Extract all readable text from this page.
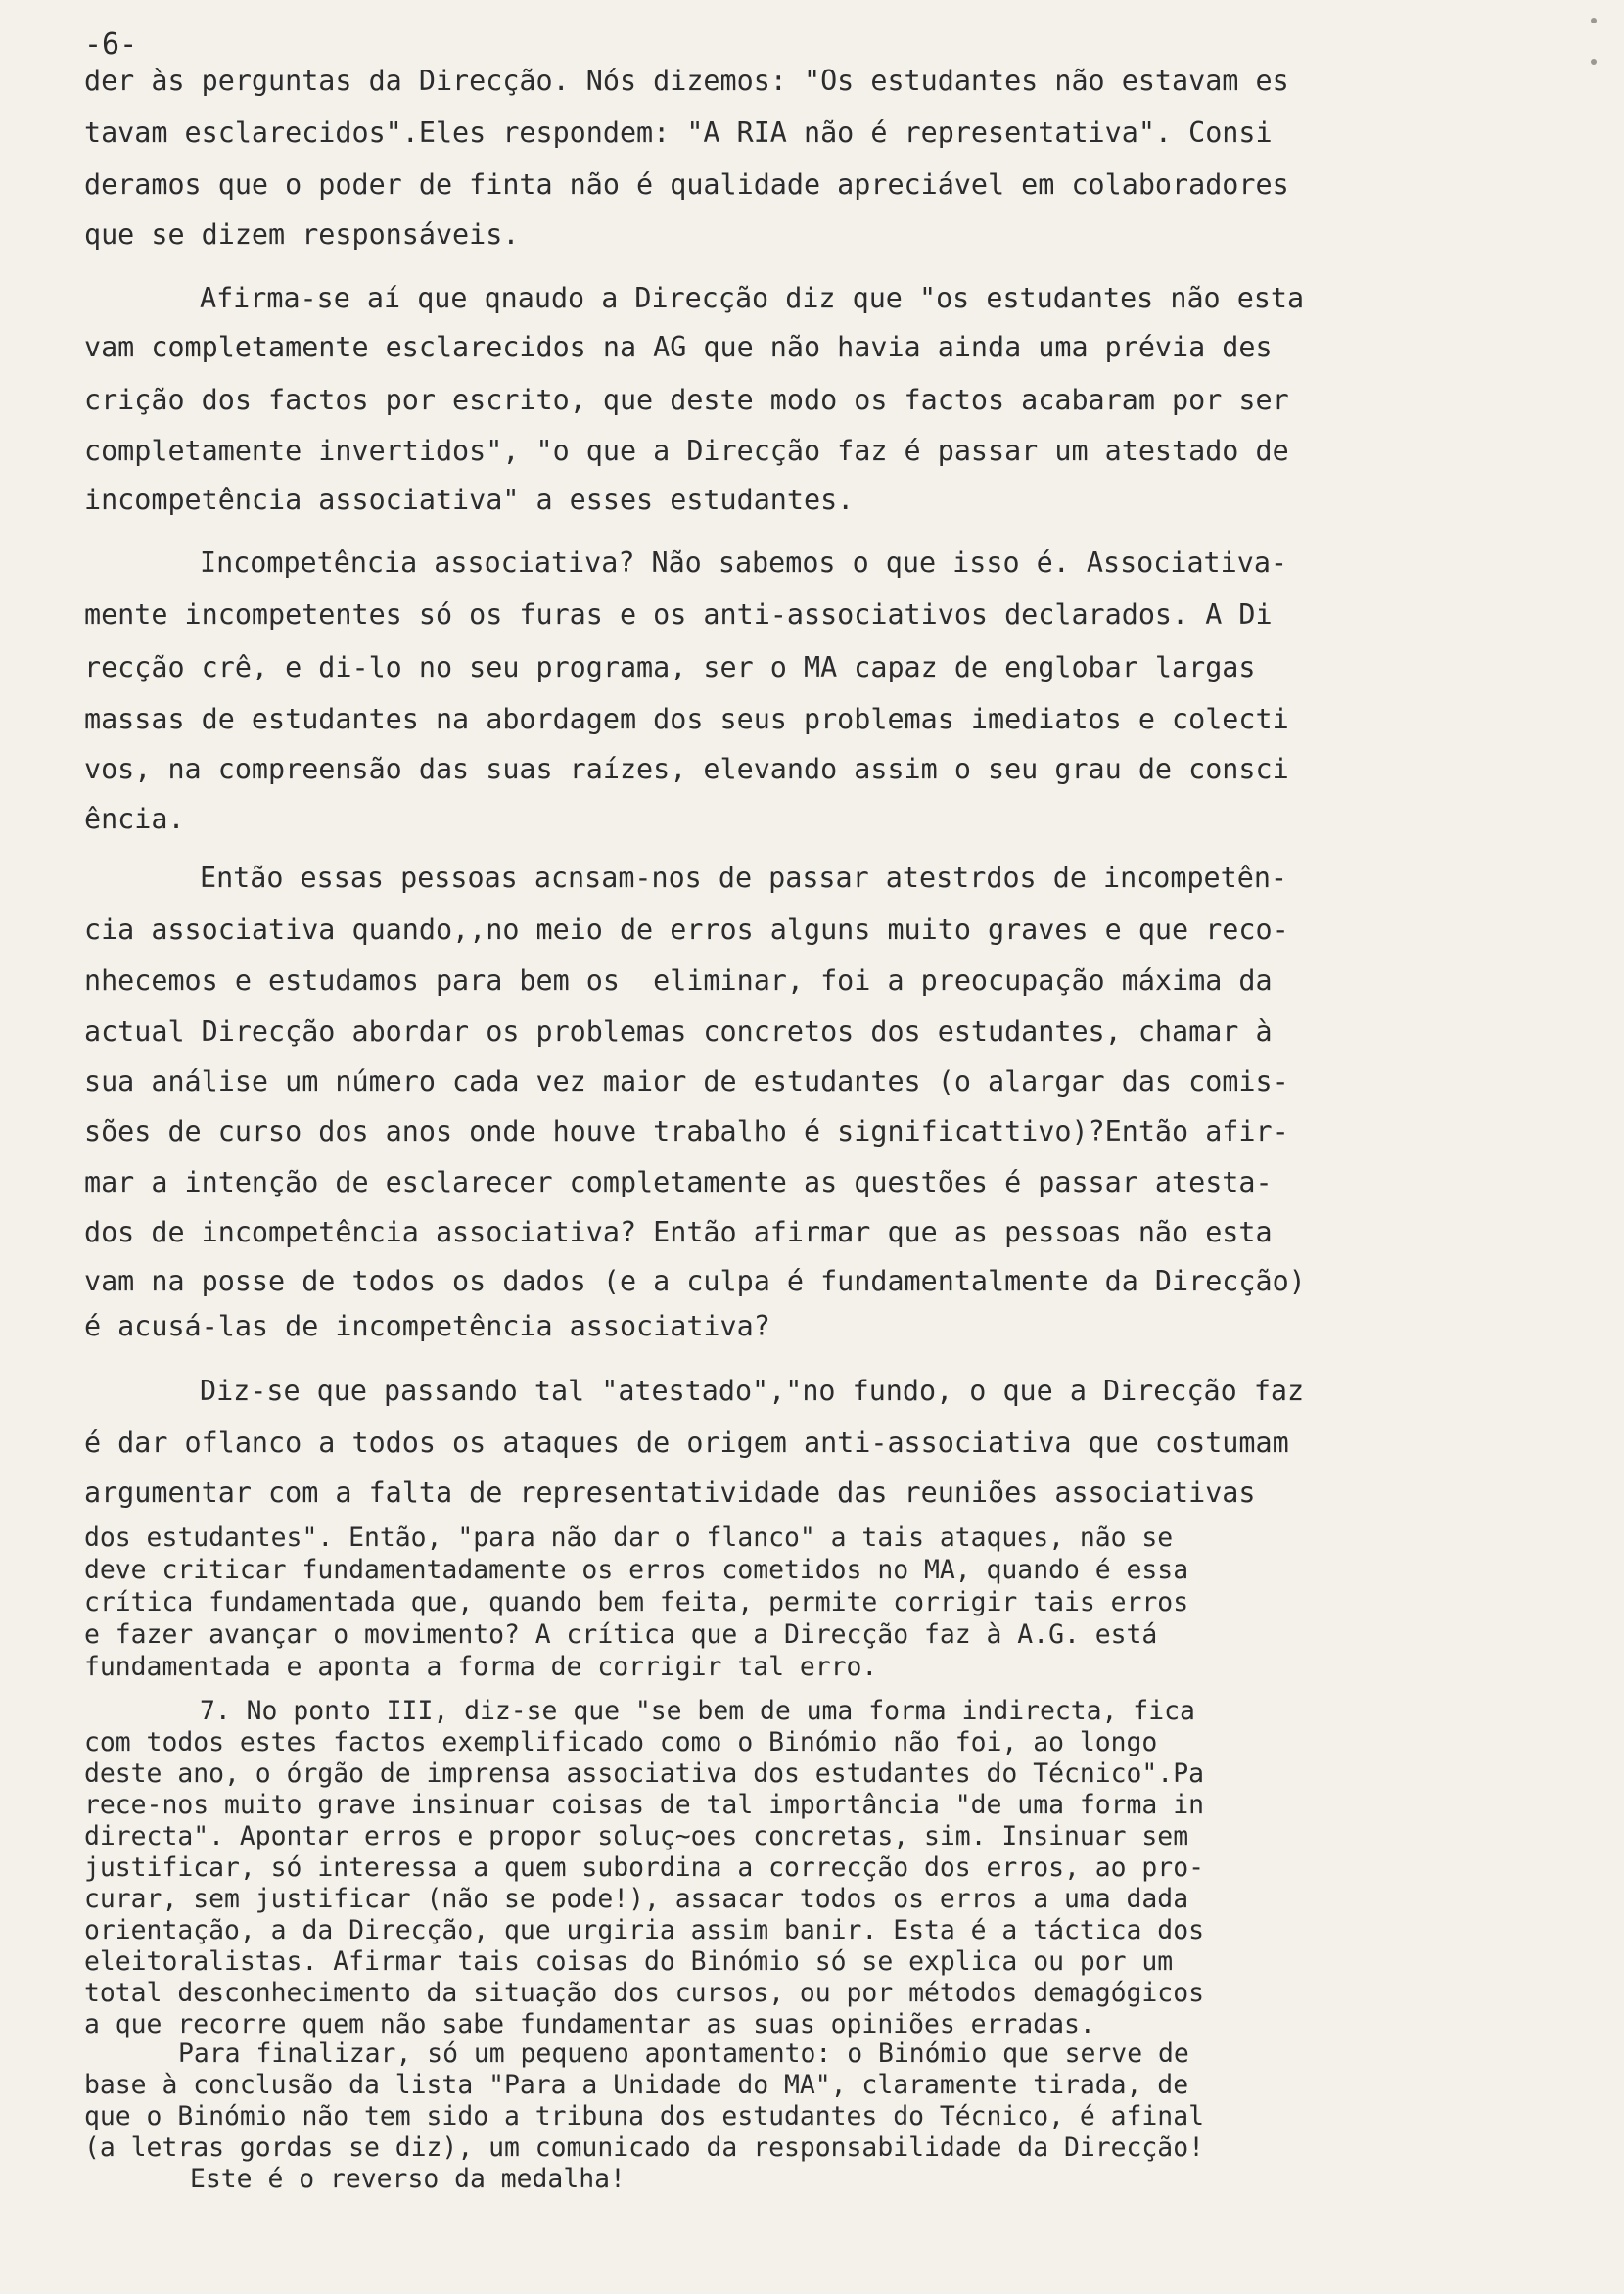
-6-
der às perguntas da Direcção. Nós dizemos: "Os estudantes não estavam es
tavam esclarecidos".Eles respondem: "A RIA não é representativa". Consi
deramos que o poder de finta não é qualidade apreciável em colaboradores
que se dizem responsáveis.
Afirma-se aí que qnaudo a Direcção diz que "os estudantes não esta
vam completamente esclarecidos na AG que não havia ainda uma prévia des
crição dos factos por escrito, que deste modo os factos acabaram por ser
completamente invertidos", "o que a Direcção faz é passar um atestado de
incompetência associativa" a esses estudantes.
Incompetência associativa? Não sabemos o que isso é. Associativa-
mente incompetentes só os furas e os anti-associativos declarados. A Di
recção crê, e di-lo no seu programa, ser o MA capaz de englobar largas
massas de estudantes na abordagem dos seus problemas imediatos e colecti
vos, na compreensão das suas raízes, elevando assim o seu grau de consci
ência.
Então essas pessoas acnsam-nos de passar atestrdos de incompetên-
cia associativa quando,,no meio de erros alguns muito graves e que reco-
nhecemos e estudamos para bem os  eliminar, foi a preocupação máxima da
actual Direcção abordar os problemas concretos dos estudantes, chamar à
sua análise um número cada vez maior de estudantes (o alargar das comis-
sões de curso dos anos onde houve trabalho é significattivo)?Então afir-
mar a intenção de esclarecer completamente as questões é passar atesta-
dos de incompetência associativa? Então afirmar que as pessoas não esta
vam na posse de todos os dados (e a culpa é fundamentalmente da Direcção)
é acusá-las de incompetência associativa?
Diz-se que passando tal "atestado","no fundo, o que a Direcção faz
é dar oflanco a todos os ataques de origem anti-associativa que costumam
argumentar com a falta de representatividade das reuniões associativas
dos estudantes". Então, "para não dar o flanco" a tais ataques, não se
deve criticar fundamentadamente os erros cometidos no MA, quando é essa
crítica fundamentada que, quando bem feita, permite corrigir tais erros
e fazer avançar o movimento? A crítica que a Direcção faz à A.G. está
fundamentada e aponta a forma de corrigir tal erro.
7. No ponto III, diz-se que "se bem de uma forma indirecta, fica
com todos estes factos exemplificado como o Binómio não foi, ao longo
deste ano, o órgão de imprensa associativa dos estudantes do Técnico".Pa
rece-nos muito grave insinuar coisas de tal importância "de uma forma in
directa". Apontar erros e propor soluç~oes concretas, sim. Insinuar sem
justificar, só interessa a quem subordina a correcção dos erros, ao pro-
curar, sem justificar (não se pode!), assacar todos os erros a uma dada
orientação, a da Direcção, que urgiria assim banir. Esta é a táctica dos
eleitoralistas. Afirmar tais coisas do Binómio só se explica ou por um
total desconhecimento da situação dos cursos, ou por métodos demagógicos
a que recorre quem não sabe fundamentar as suas opiniões erradas.
Para finalizar, só um pequeno apontamento: o Binómio que serve de
base à conclusão da lista "Para a Unidade do MA", claramente tirada, de
que o Binómio não tem sido a tribuna dos estudantes do Técnico, é afinal
(a letras gordas se diz), um comunicado da responsabilidade da Direcção!
Este é o reverso da medalha!
